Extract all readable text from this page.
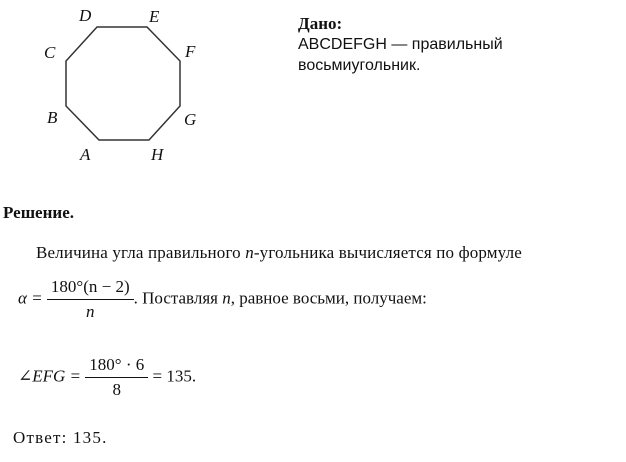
A
B
C
D	E
F
G
H
Дано:
ABCDEFGH — правильный восьмиугольник.
Решение.
Величина угла правильного n-угольника вычисляется по формуле
$\alpha = \frac{180^\circ(n - 2)}{n}$ . Поставляя n, равное восьми, получаем:
∠EFG = $\frac{180^\circ \cdot 6}{8} = 135$.
Ответ: 135.
